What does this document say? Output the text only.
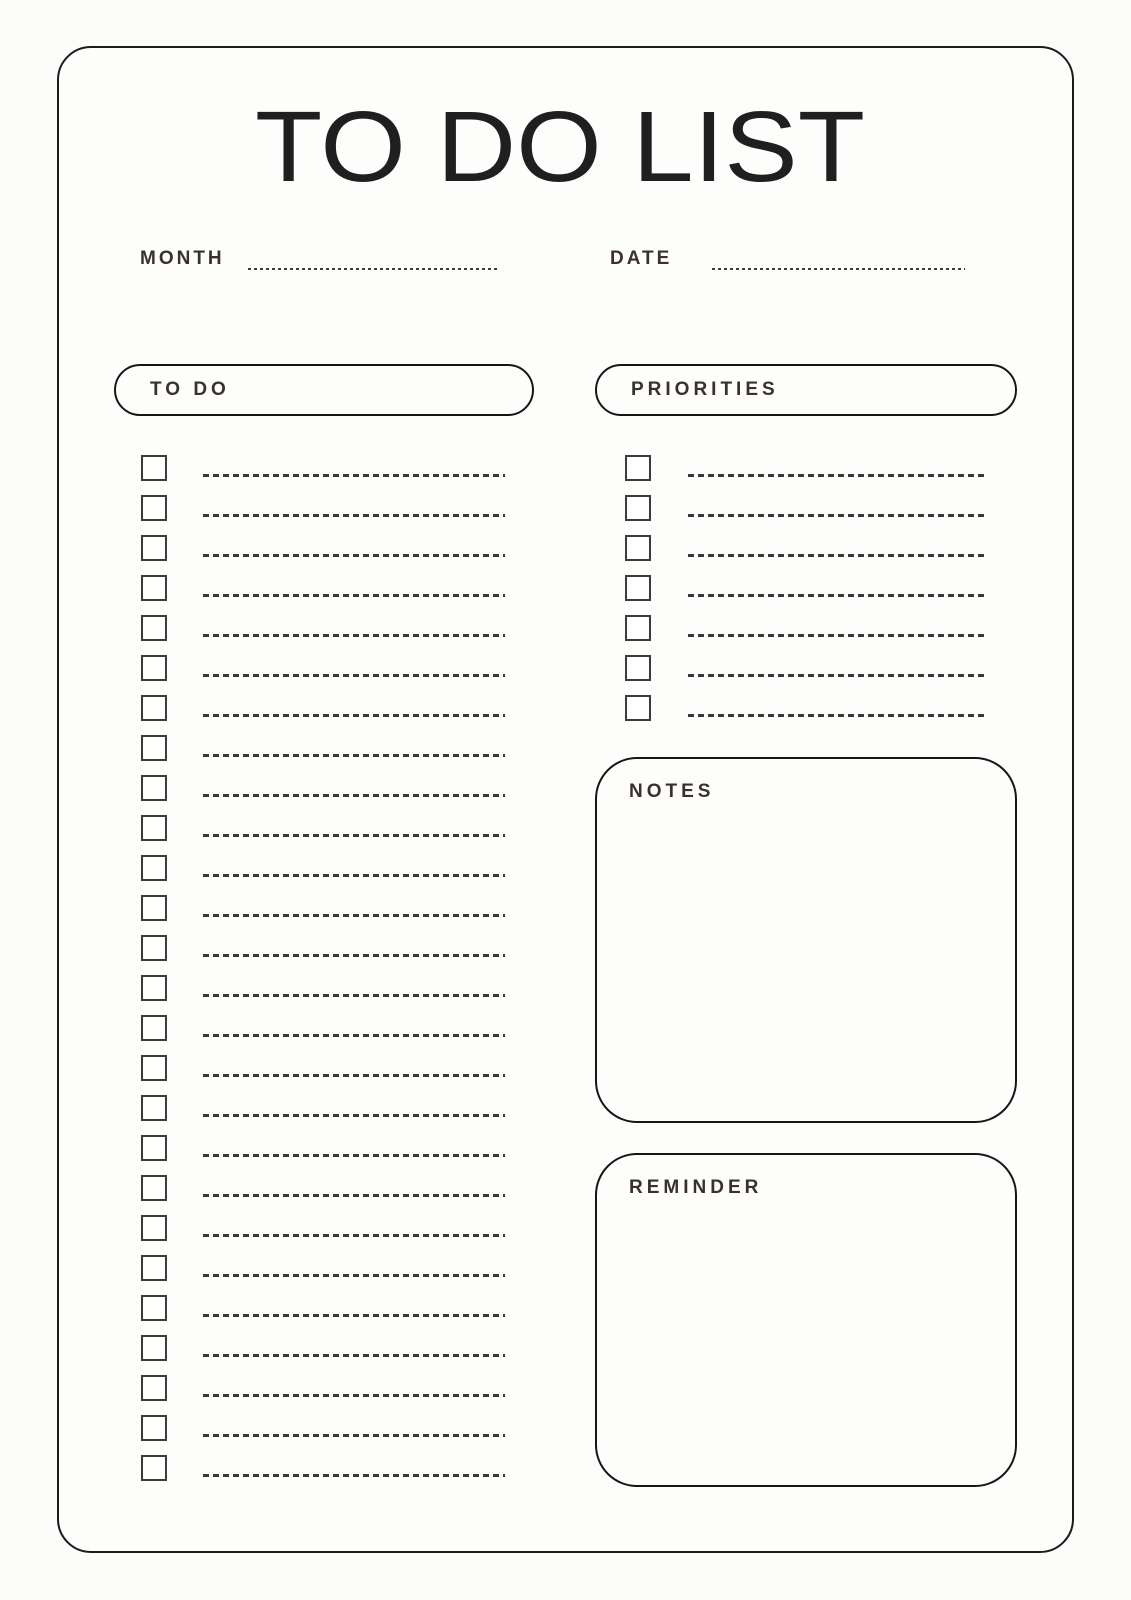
TO DO LIST
MONTH	DATE
TO DO	PRIORITIES
NOTES
REMINDER
